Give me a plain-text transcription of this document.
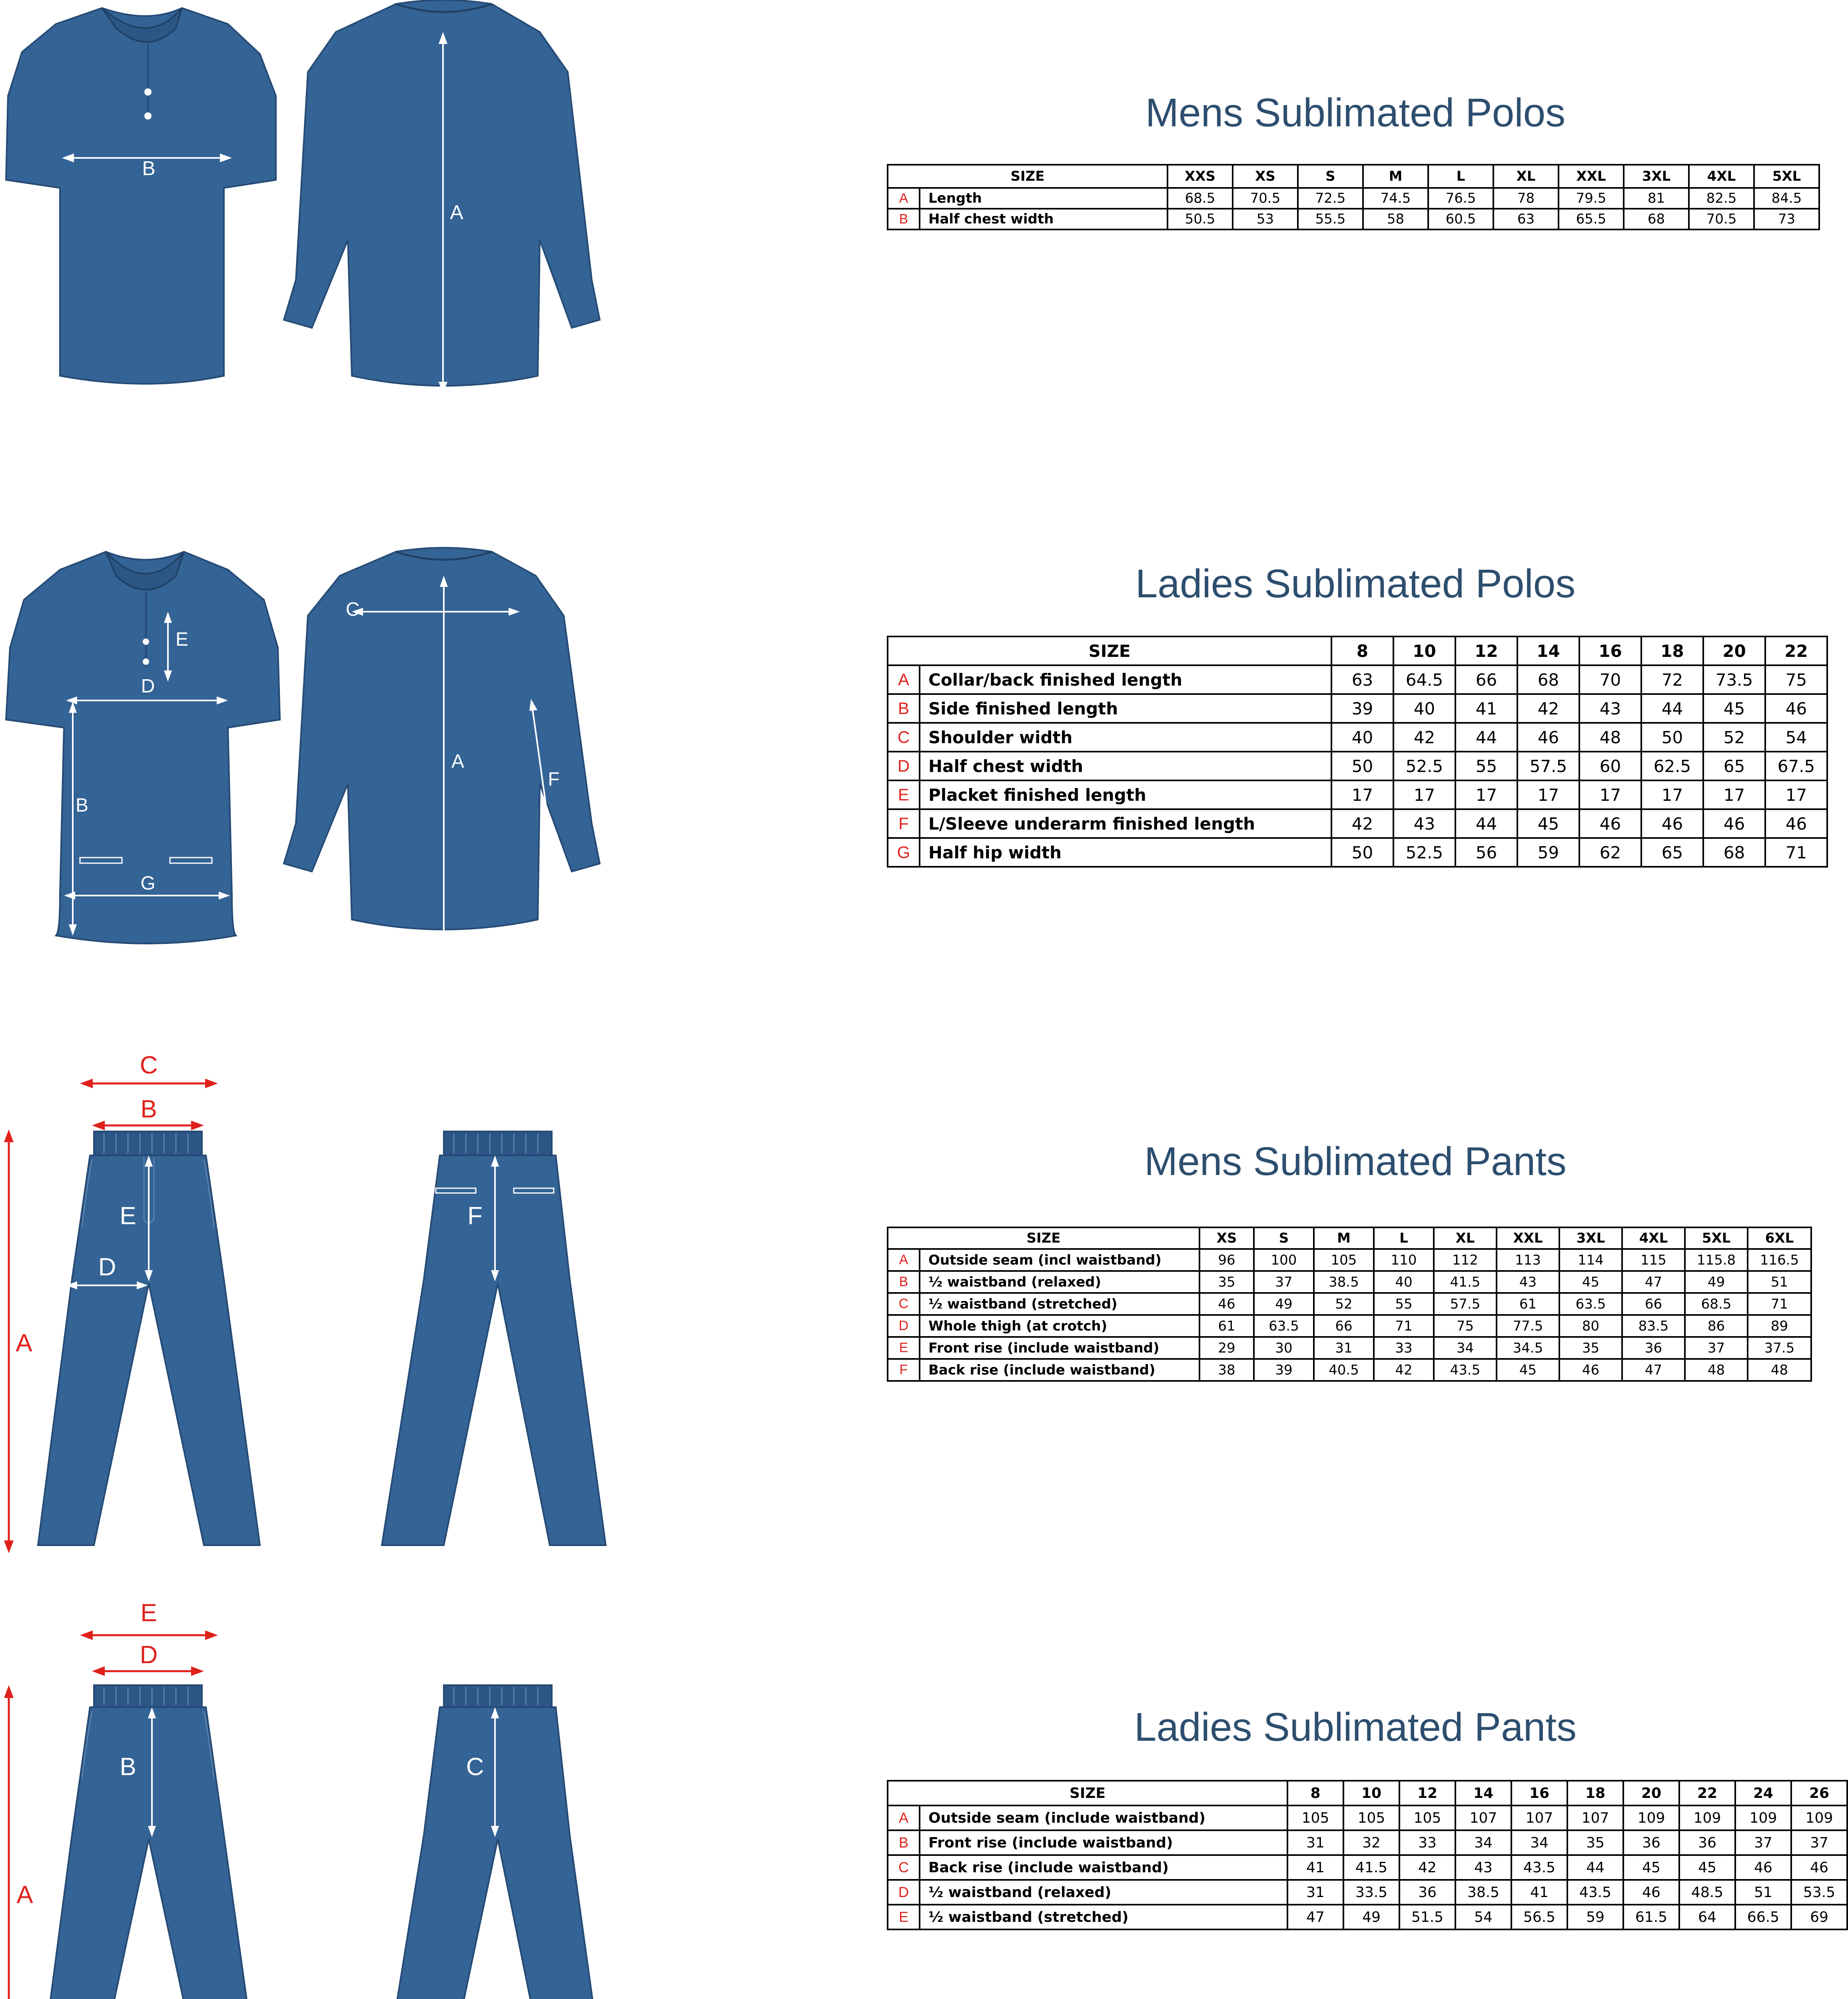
Mens Sublimated Polos
Ladies Sublimated Polos
Mens Sublimated Pants
Ladies Sublimated Pants
SIZE		XXS	XS	S	M	L	XL	XXL	3XL	4XL	5XL
A	Length	68.5	70.5	72.5	74.5	76.5	78	79.5	81	82.5	84.5
B	Half chest width	50.5	53	55.5	58	60.5	63	65.5	68	70.5	73
SIZE		8	10	12	14	16	18	20	22
A	Collar/back finished length	63	64.5	66	68	70	72	73.5	75
B	Side finished length	39	40	41	42	43	44	45	46
C	Shoulder width	40	42	44	46	48	50	52	54
D	Half chest width	50	52.5	55	57.5	60	62.5	65	67.5
E	Placket finished length	17	17	17	17	17	17	17	17
F	L/Sleeve underarm finished length	42	43	44	45	46	46	46	46
G	Half hip width	50	52.5	56	59	62	65	68	71
SIZE		XS	S	M	L	XL	XXL	3XL	4XL	5XL	6XL
A	Outside seam (incl waistband)	96	100	105	110	112	113	114	115	115.8	116.5
B	½ waistband (relaxed)	35	37	38.5	40	41.5	43	45	47	49	51
C	½ waistband (stretched)	46	49	52	55	57.5	61	63.5	66	68.5	71
D	Whole thigh (at crotch)	61	63.5	66	71	75	77.5	80	83.5	86	89
E	Front rise (include waistband)	29	30	31	33	34	34.5	35	36	37	37.5
F	Back rise (include waistband)	38	39	40.5	42	43.5	45	46	47	48	48
SIZE		8	10	12	14	16	18	20	22	24	26
A	Outside seam (include waistband)	105	105	105	107	107	107	109	109	109	109
B	Front rise (include waistband)	31	32	33	34	34	35	36	36	37	37
C	Back rise (include waistband)	41	41.5	42	43	43.5	44	45	45	46	46
D	½ waistband (relaxed)	31	33.5	36	38.5	41	43.5	46	48.5	51	53.5
E	½ waistband (stretched)	47	49	51.5	54	56.5	59	61.5	64	66.5	69

B
A
E
D
B
G
C
A
F
C
B
A
E
D
F
E
D
A
B	C
